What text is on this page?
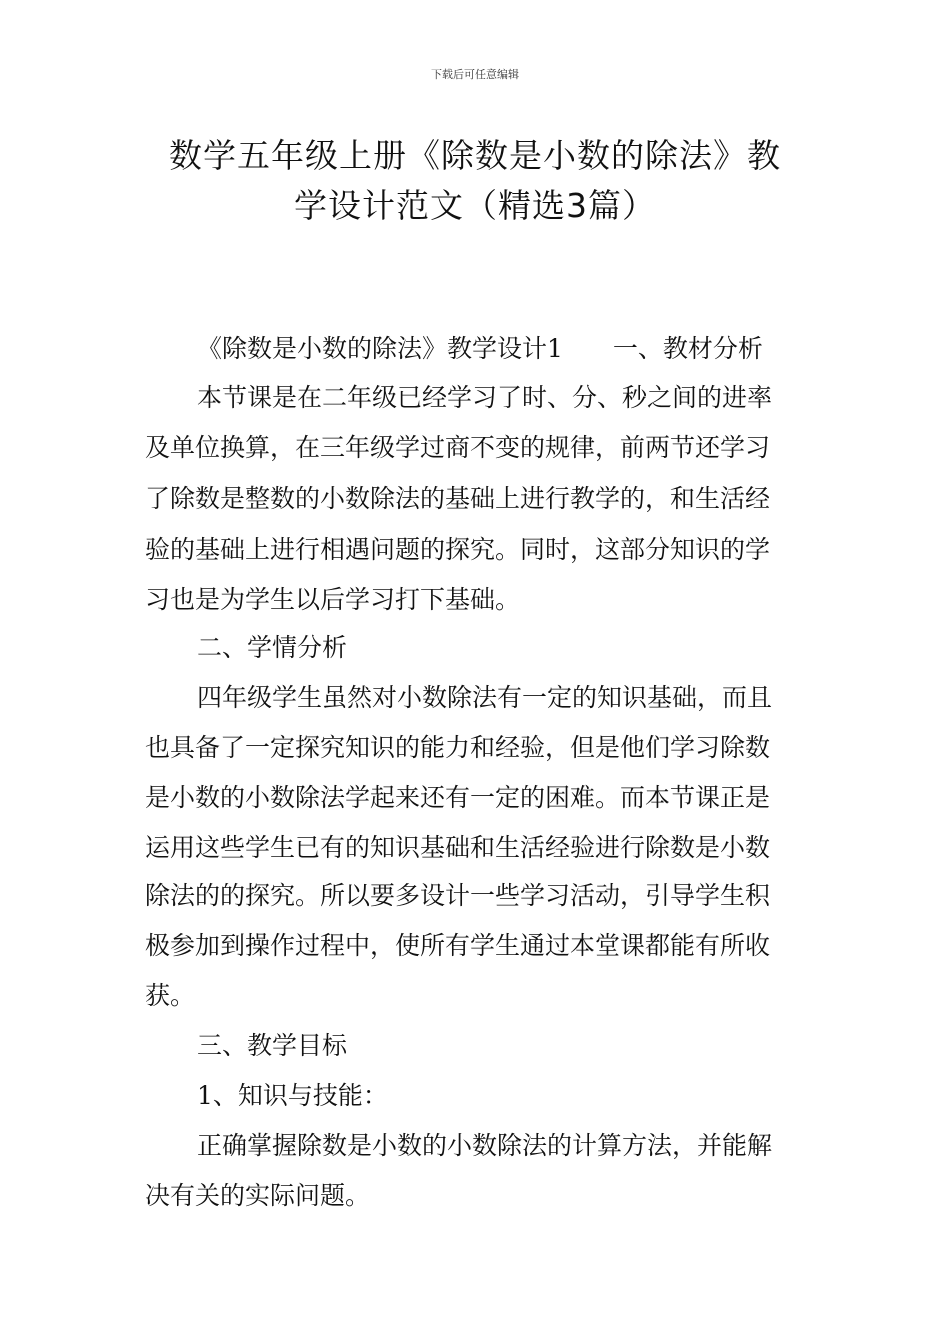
下载后可任意编辑
数学五年级上册《除数是小数的除法》教
学设计范文（精选3篇）
《除数是小数的除法》教学设计1　　一、教材分析
本节课是在二年级已经学习了时、分、秒之间的进率
及单位换算，在三年级学过商不变的规律，前两节还学习
了除数是整数的小数除法的基础上进行教学的，和生活经
验的基础上进行相遇问题的探究。同时，这部分知识的学
习也是为学生以后学习打下基础。
二、学情分析
四年级学生虽然对小数除法有一定的知识基础，而且
也具备了一定探究知识的能力和经验，但是他们学习除数
是小数的小数除法学起来还有一定的困难。而本节课正是
运用这些学生已有的知识基础和生活经验进行除数是小数
除法的的探究。所以要多设计一些学习活动，引导学生积
极参加到操作过程中，使所有学生通过本堂课都能有所收
获。
三、教学目标
1、知识与技能：
正确掌握除数是小数的小数除法的计算方法，并能解
决有关的实际问题。
